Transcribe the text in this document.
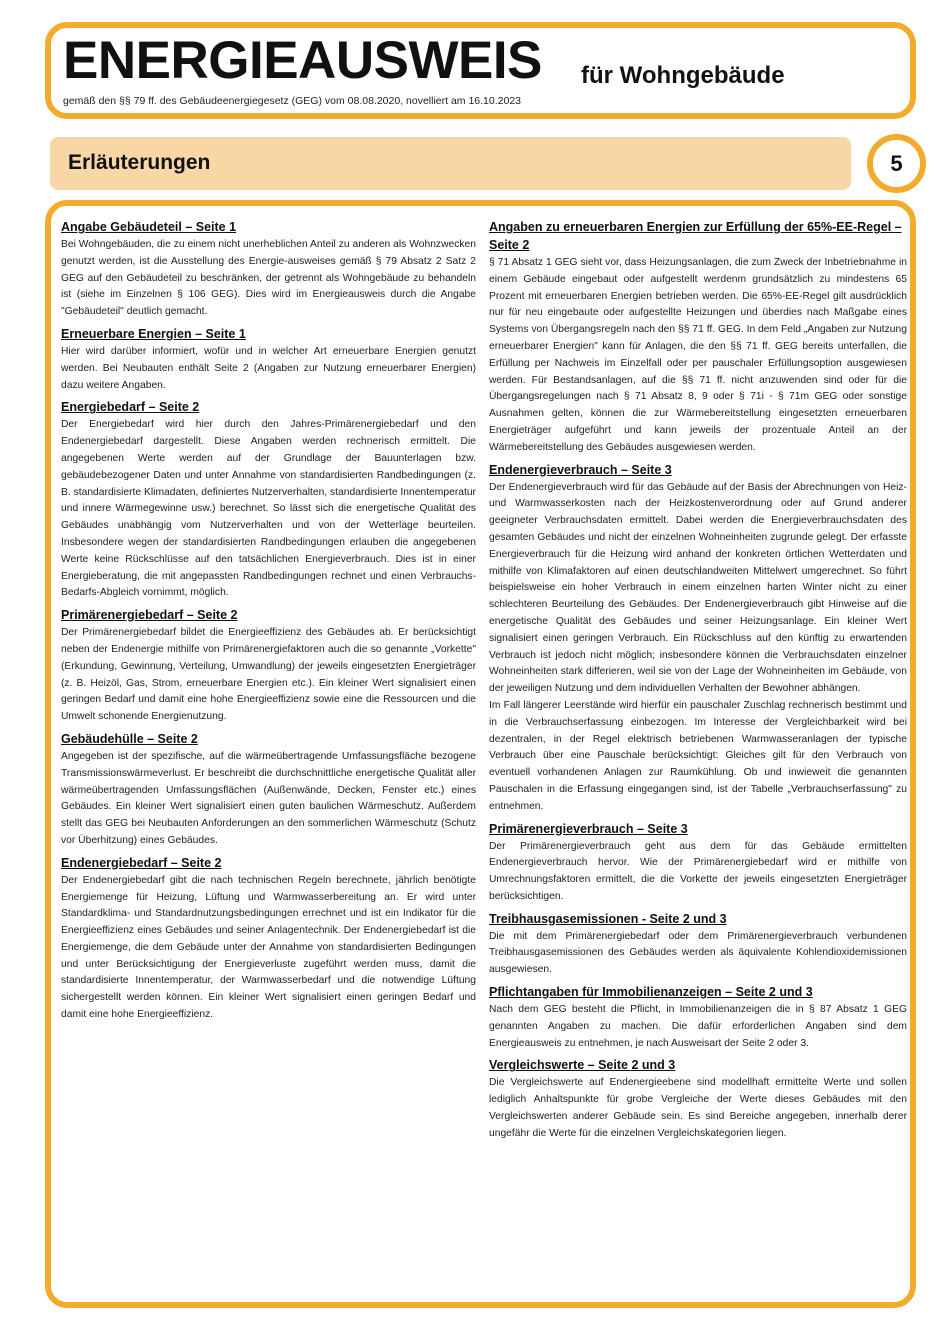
ENERGIEAUSWEIS für Wohngebäude
gemäß den §§ 79 ff. des Gebäudeenergiegesetz (GEG) vom 08.08.2020, novelliert am 16.10.2023
Erläuterungen	5
Angabe Gebäudeteil – Seite 1

Bei Wohngebäuden, die zu einem nicht unerheblichen Anteil zu anderen als Wohnzwecken genutzt werden, ist die Ausstellung des Energie-ausweises gemäß § 79 Absatz 2 Satz 2 GEG auf den Gebäudeteil zu beschränken, der getrennt als Wohngebäude zu behandeln ist (siehe im Einzelnen § 106 GEG). Dies wird im Energieausweis durch die Angabe "Gebäudeteil" deutlich gemacht.

Erneuerbare Energien – Seite 1

Hier wird darüber informiert, wofür und in welcher Art erneuerbare Energien genutzt werden. Bei Neubauten enthält Seite 2 (Angaben zur Nutzung erneuerbarer Energien) dazu weitere Angaben.

Energiebedarf – Seite 2

Der Energiebedarf wird hier durch den Jahres-Primärenergiebedarf und den Endenergiebedarf dargestellt. Diese Angaben werden rechnerisch ermittelt. Die angegebenen Werte werden auf der Grundlage der Bauunterlagen bzw. gebäudebezogener Daten und unter Annahme von standardisierten Randbedingungen (z. B. standardisierte Klimadaten, definiertes Nutzerverhalten, standardisierte Innentemperatur und innere Wärmegewinne usw.) berechnet. So lässt sich die energetische Qualität des Gebäudes unabhängig vom Nutzerverhalten und von der Wetterlage beurteilen. Insbesondere wegen der standardisierten Randbedingungen erlauben die angegebenen Werte keine Rückschlüsse auf den tatsächlichen Energieverbrauch. Dies ist in einer Energieberatung, die mit angepassten Randbedingungen rechnet und einen Verbrauchs-Bedarfs-Abgleich vornimmt, möglich.

Primärenergiebedarf – Seite 2

Der Primärenergiebedarf bildet die Energieeffizienz des Gebäudes ab. Er berücksichtigt neben der Endenergie mithilfe von Primärenergiefaktoren auch die so genannte „Vorkette" (Erkundung, Gewinnung, Verteilung, Umwandlung) der jeweils eingesetzten Energieträger (z. B. Heizöl, Gas, Strom, erneuerbare Energien etc.). Ein kleiner Wert signalisiert einen geringen Bedarf und damit eine hohe Energieeffizienz sowie eine die Ressourcen und die Umwelt schonende Energienutzung.

Gebäudehülle – Seite 2

Angegeben ist der spezifische, auf die wärmeübertragende Umfassungsfläche bezogene Transmissionswärmeverlust. Er beschreibt die durchschnittliche energetische Qualität aller wärmeübertragenden Umfassungsflächen (Außenwände, Decken, Fenster etc.) eines Gebäudes. Ein kleiner Wert signalisiert einen guten baulichen Wärmeschutz. Außerdem stellt das GEG bei Neubauten Anforderungen an den sommerlichen Wärmeschutz (Schutz vor Überhitzung) eines Gebäudes.

Endenergiebedarf – Seite 2

Der Endenergiebedarf gibt die nach technischen Regeln berechnete, jährlich benötigte Energiemenge für Heizung, Lüftung und Warmwasserbereitung an. Er wird unter Standardklima- und Standardnutzungsbedingungen errechnet und ist ein Indikator für die Energieeffizienz eines Gebäudes und seiner Anlagentechnik. Der Endenergiebedarf ist die Energiemenge, die dem Gebäude unter der Annahme von standardisierten Bedingungen und unter Berücksichtigung der Energieverluste zugeführt werden muss, damit die standardisierte Innentemperatur, der Warmwasserbedarf und die notwendige Lüftung sichergestellt werden können. Ein kleiner Wert signalisiert einen geringen Bedarf und damit eine hohe Energieeffizienz.

Angaben zu erneuerbaren Energien zur Erfüllung der 65%-EE-Regel – Seite 2

§ 71 Absatz 1 GEG sieht vor, dass Heizungsanlagen, die zum Zweck der Inbetriebnahme in einem Gebäude eingebaut oder aufgestellt werdenm grundsätzlich zu mindestens 65 Prozent mit erneuerbaren Energien betrieben werden. Die 65%-EE-Regel gilt ausdrücklich nur für neu eingebaute oder aufgestellte Heizungen und überdies nach Maßgabe eines Systems von Übergangsregeln nach den §§ 71 ff. GEG. In dem Feld „Angaben zur Nutzung erneuerbarer Energien" kann für Anlagen, die den §§ 71 ff. GEG bereits unterfallen, die Erfüllung per Nachweis im Einzelfall oder per pauschaler Erfüllungsoption ausgewiesen werden. Für Bestandsanlagen, auf die §§ 71 ff. nicht anzuwenden sind oder für die Übergangsregelungen nach § 71 Absatz 8, 9 oder § 71i - § 71m GEG oder sonstige Ausnahmen gelten, können die zur Wärmebereitstellung eingesetzten erneuerbaren Energieträger aufgeführt und kann jeweils der prozentuale Anteil an der Wärmebereitstellung des Gebäudes ausgewiesen werden.

Endenergieverbrauch – Seite 3

Der Endenergieverbrauch wird für das Gebäude auf der Basis der Abrechnungen von Heiz- und Warmwasserkosten nach der Heizkostenverordnung oder auf Grund anderer geeigneter Verbrauchsdaten ermittelt. Dabei werden die Energieverbrauchsdaten des gesamten Gebäudes und nicht der einzelnen Wohneinheiten zugrunde gelegt. Der erfasste Energieverbrauch für die Heizung wird anhand der konkreten örtlichen Wetterdaten und mithilfe von Klimafaktoren auf einen deutschlandweiten Mittelwert umgerechnet. So führt beispielsweise ein hoher Verbrauch in einem einzelnen harten Winter nicht zu einer schlechteren Beurteilung des Gebäudes. Der Endenergieverbrauch gibt Hinweise auf die energetische Qualität des Gebäudes und seiner Heizungsanlage. Ein kleiner Wert signalisiert einen geringen Verbrauch. Ein Rückschluss auf den künftig zu erwartenden Verbrauch ist jedoch nicht möglich; insbesondere können die Verbrauchsdaten einzelner Wohneinheiten stark differieren, weil sie von der Lage der Wohneinheiten im Gebäude, von der jeweiligen Nutzung und dem individuellen Verhalten der Bewohner abhängen.

Im Fall längerer Leerstände wird hierfür ein pauschaler Zuschlag rechnerisch bestimmt und in die Verbrauchserfassung einbezogen. Im Interesse der Vergleichbarkeit wird bei dezentralen, in der Regel elektrisch betriebenen Warmwasseranlagen der typische Verbrauch über eine Pauschale berücksichtigt: Gleiches gilt für den Verbrauch von eventuell vorhandenen Anlagen zur Raumkühlung. Ob und inwieweit die genannten Pauschalen in die Erfassung eingegangen sind, ist der Tabelle „Verbrauchserfassung" zu entnehmen.

Primärenergieverbrauch – Seite 3

Der Primärenergieverbrauch geht aus dem für das Gebäude ermittelten Endenergieverbrauch hervor. Wie der Primärenergiebedarf wird er mithilfe von Umrechnungsfaktoren ermittelt, die die Vorkette der jeweils eingesetzten Energieträger berücksichtigen.

Treibhausgasemissionen - Seite 2 und 3

Die mit dem Primärenergiebedarf oder dem Primärenergieverbrauch verbundenen Treibhausgasemissionen des Gebäudes werden als äquivalente Kohlendioxidemissionen ausgewiesen.

Pflichtangaben für Immobilienanzeigen – Seite 2 und 3

Nach dem GEG besteht die Pflicht, in Immobilienanzeigen die in § 87 Absatz 1 GEG genannten Angaben zu machen. Die dafür erforderlichen Angaben sind dem Energieausweis zu entnehmen, je nach Ausweisart der Seite 2 oder 3.

Vergleichswerte – Seite 2 und 3

Die Vergleichswerte auf Endenergieebene sind modellhaft ermittelte Werte und sollen lediglich Anhaltspunkte für grobe Vergleiche der Werte dieses Gebäudes mit den Vergleichswerten anderer Gebäude sein. Es sind Bereiche angegeben, innerhalb derer ungefähr die Werte für die einzelnen Vergleichskategorien liegen.
